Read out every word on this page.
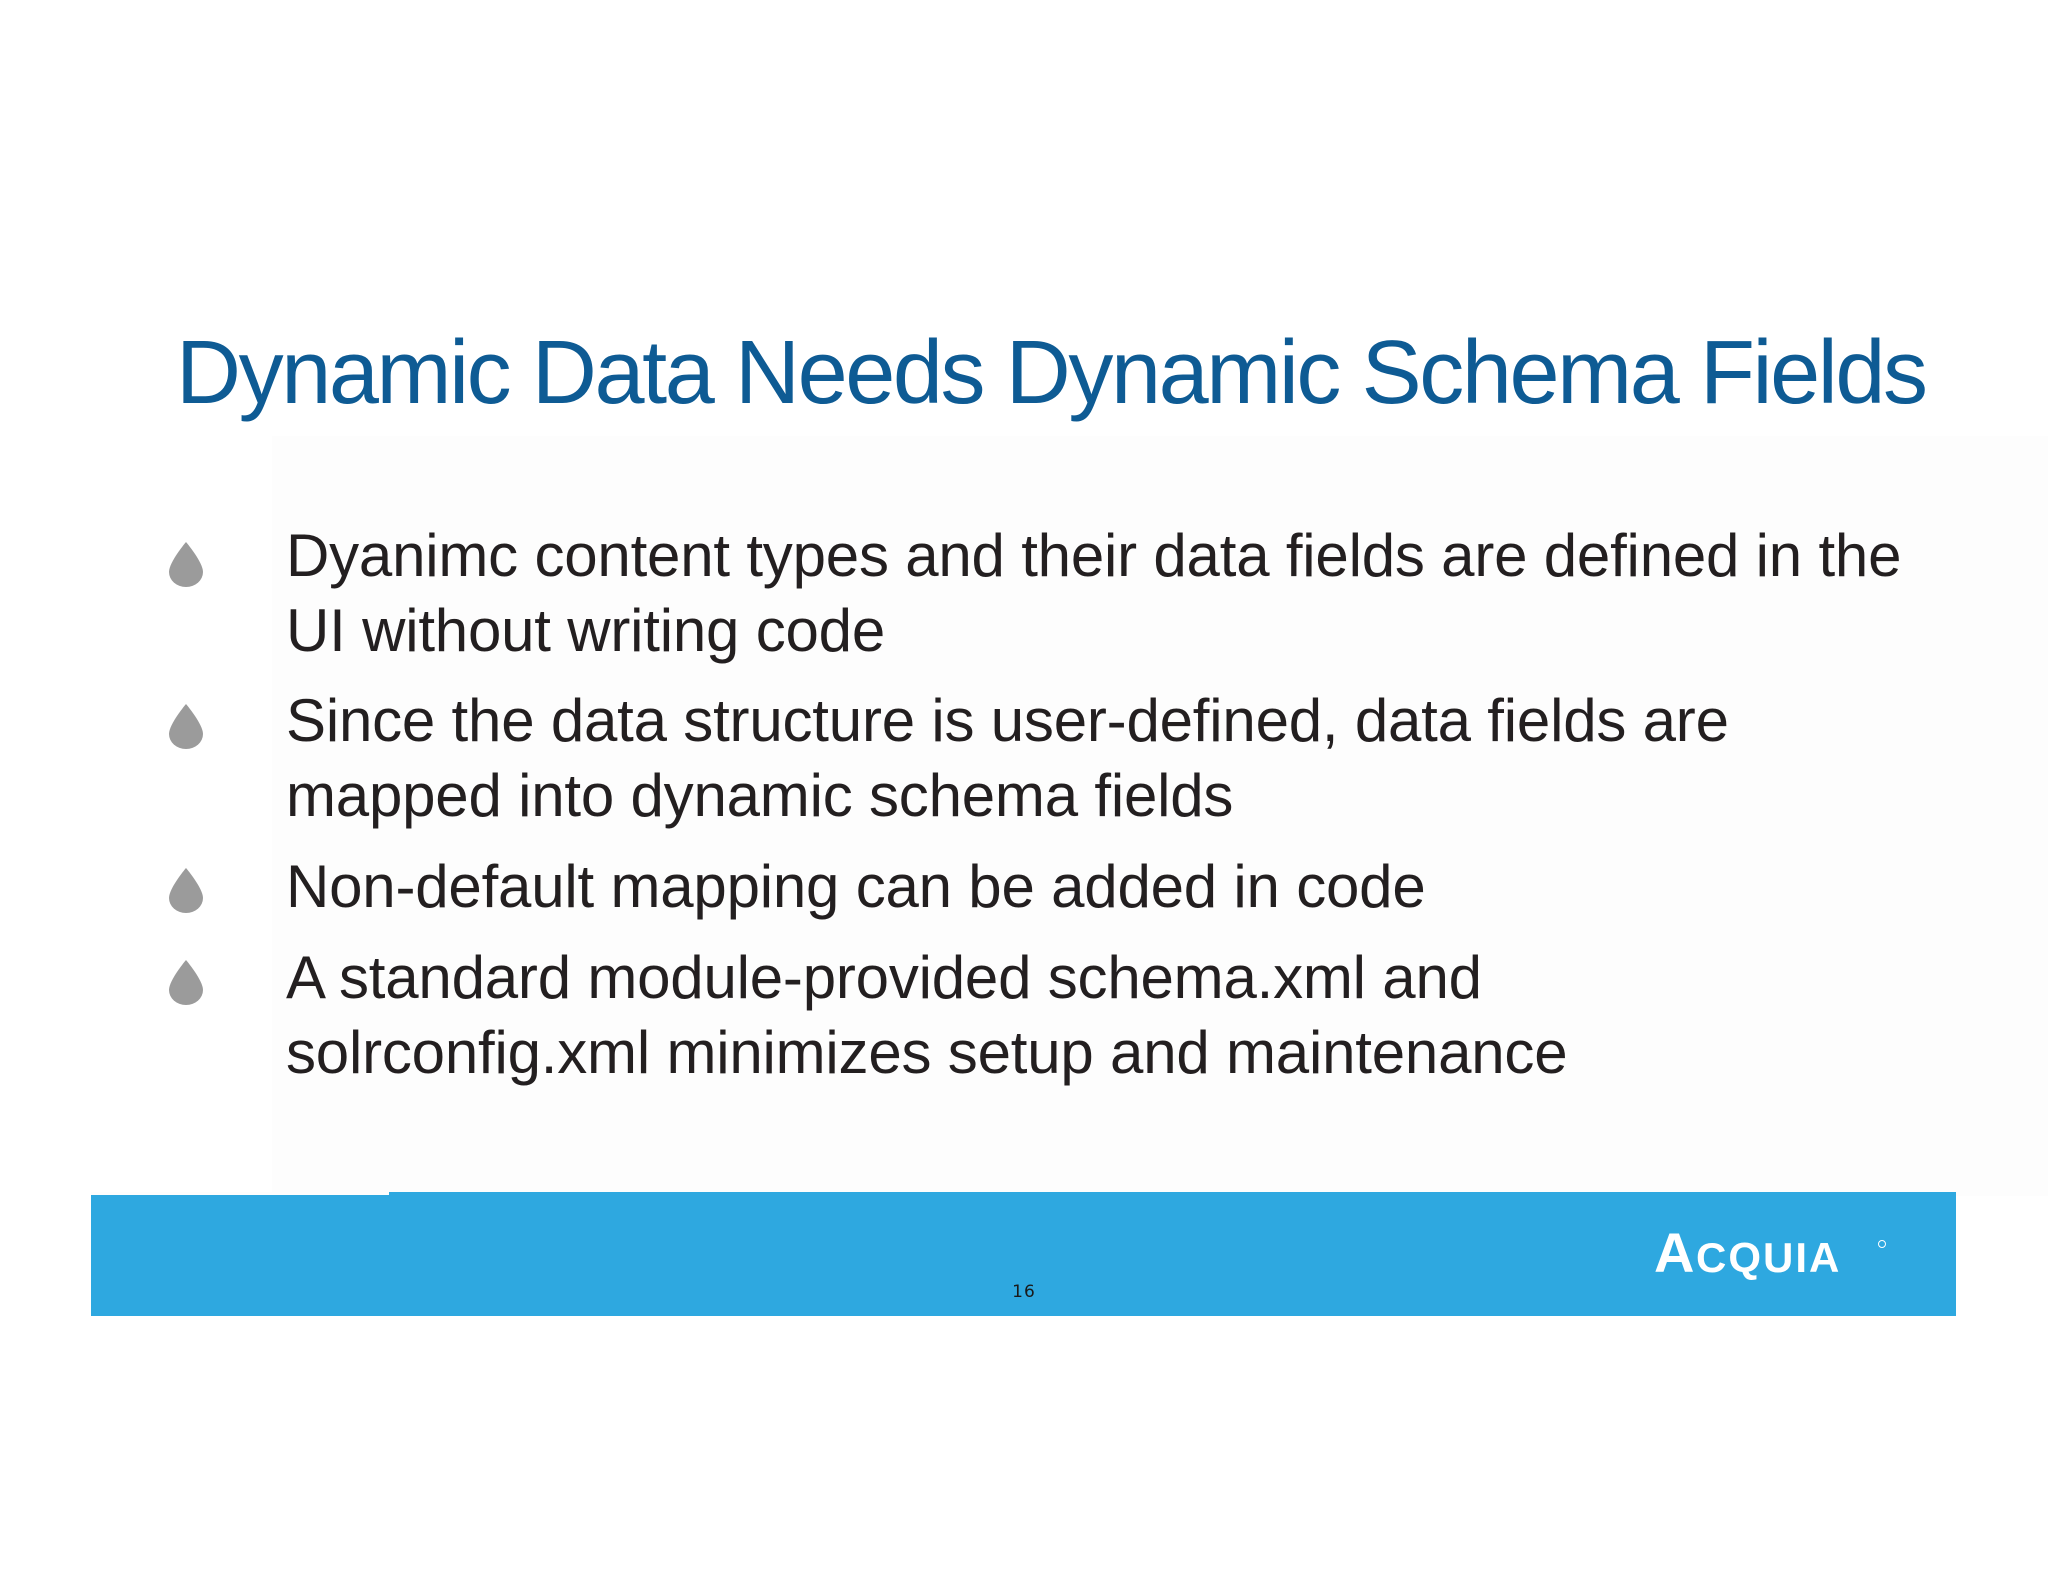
Dynamic Data Needs Dynamic Schema Fields

Dyanimc content types and their data fields are defined in the UI without writing code

Since the data structure is user-defined, data fields are mapped into dynamic schema fields

Non-default mapping can be added in code

A standard module-provided schema.xml and solrconfig.xml minimizes setup and maintenance

16
A CQUIA
